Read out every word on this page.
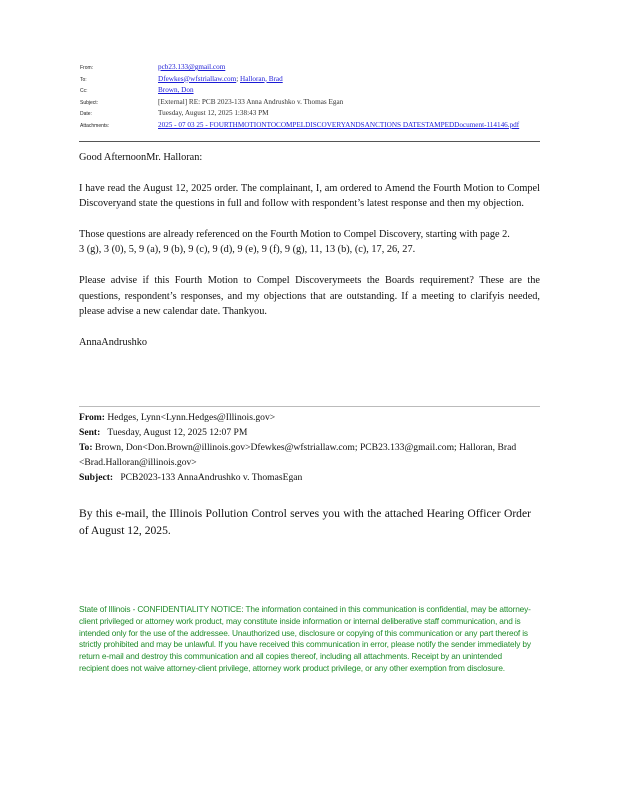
From:	pcb23.133@gmail.com
To:	Dfewkes@wfstriallaw.com; Halloran, Brad
Cc:	Brown, Don
Subject:	[External] RE: PCB 2023-133 Anna Andrushko v. Thomas Egan
Date:	Tuesday, August 12, 2025 1:38:43 PM
Attachments:	2025 - 07 03 25 - FOURTHMOTIONTOCOMPELDISCOVERYANDSANCTIONS DATESTAMPEDDocument-114146.pdf

Good AfternoonMr. Halloran:

I have read the August 12, 2025 order. The complainant, I, am ordered to Amend the Fourth Motion to Compel Discoveryand state the questions in full and follow with respondent’s latest response and then my objection.

Those questions are already referenced on the Fourth Motion to Compel Discovery, starting with page 2.

3 (g), 3 (0), 5, 9 (a), 9 (b), 9 (c), 9 (d), 9 (e), 9 (f), 9 (g), 11, 13 (b), (c), 17, 26, 27.

Please advise if this Fourth Motion to Compel Discoverymeets the Boards requirement? These are the questions, respondent’s responses, and my objections that are outstanding. If a meeting to clarifyis needed, please advise a new calendar date. Thankyou.

AnnaAndrushko

From: Hedges, Lynn<Lynn.Hedges@Illinois.gov>
Sent: Tuesday, August 12, 2025 12:07 PM
To: Brown, Don<Don.Brown@illinois.gov>Dfewkes@wfstriallaw.com; PCB23.133@gmail.com; Halloran, Brad <Brad.Halloran@illinois.gov>
Subject: PCB2023-133 AnnaAndrushko v. ThomasEgan

By this e-mail, the Illinois Pollution Control serves you with the attached Hearing Officer Order of August 12, 2025.

State of Illinois - CONFIDENTIALITY NOTICE: The information contained in this communication is confidential, may be attorney-client privileged or attorney work product, may constitute inside information or internal deliberative staff communication, and is intended only for the use of the addressee. Unauthorized use, disclosure or copying of this communication or any part thereof is strictly prohibited and may be unlawful. If you have received this communication in error, please notify the sender immediately by return e-mail and destroy this communication and all copies thereof, including all attachments. Receipt by an unintended recipient does not waive attorney-client privilege, attorney work product privilege, or any other exemption from disclosure.
